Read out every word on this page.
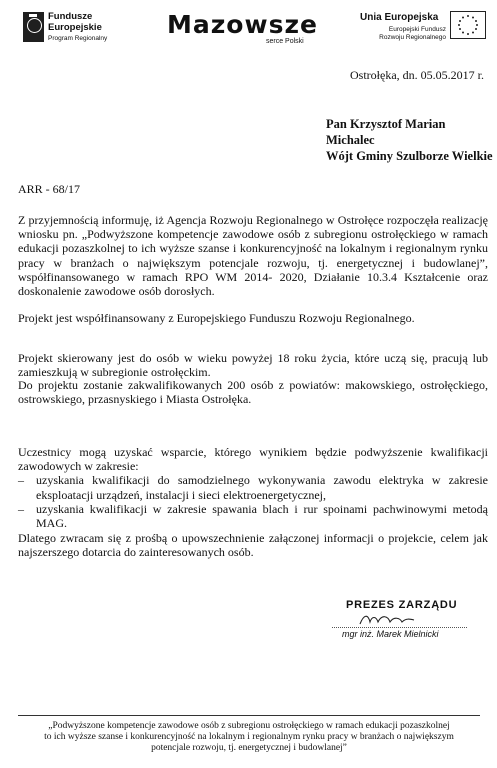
Fundusze
Europejskie
Program Regionalny Mazowsze.
serce Polski
Unia Europejska
Europejski Fundusz
Rozwoju Regionalnego
Ostrołęka, dn. 05.05.2017 r.
Pan Krzysztof Marian Michalec
Wójt Gminy Szulborze Wielkie
ARR - 68/17

Z przyjemnością informuję, iż Agencja Rozwoju Regionalnego w Ostrołęce rozpoczęła realizację wniosku pn. „Podwyższone kompetencje zawodowe osób z subregionu ostrołęckiego w ramach edukacji pozaszkolnej to ich wyższe szanse i konkurencyjność na lokalnym i regionalnym rynku pracy w branżach o największym potencjale rozwoju, tj. energetycznej i budowlanej”, współfinansowanego w ramach RPO WM 2014- 2020, Działanie 10.3.4 Kształcenie oraz doskonalenie zawodowe osób dorosłych.

Projekt jest współfinansowany z Europejskiego Funduszu Rozwoju Regionalnego.

Projekt skierowany jest do osób w wieku powyżej 18 roku życia, które uczą się, pracują lub zamieszkują w subregionie ostrołęckim.

Do projektu zostanie zakwalifikowanych 200 osób z powiatów: makowskiego, ostrołęckiego, ostrowskiego, przasnyskiego i Miasta Ostrołęka.

Uczestnicy mogą uzyskać wsparcie, którego wynikiem będzie podwyższenie kwalifikacji zawodowych w zakresie:
– uzyskania kwalifikacji do samodzielnego wykonywania zawodu elektryka w zakresie eksploatacji urządzeń, instalacji i sieci elektroenergetycznej,
– uzyskania kwalifikacji w zakresie spawania blach i rur spoinami pachwinowymi metodą MAG.

Dlatego zwracam się z prośbą o upowszechnienie załączonej informacji o projekcie, celem jak najszerszego dotarcia do zainteresowanych osób.

PREZES ZARZĄDU
mgr inż. Marek Mielnicki
„Podwyższone kompetencje zawodowe osób z subregionu ostrołęckiego w ramach edukacji pozaszkolnej
to ich wyższe szanse i konkurencyjność na lokalnym i regionalnym rynku pracy w branżach o największym
potencjale rozwoju, tj. energetycznej i budowlanej”
